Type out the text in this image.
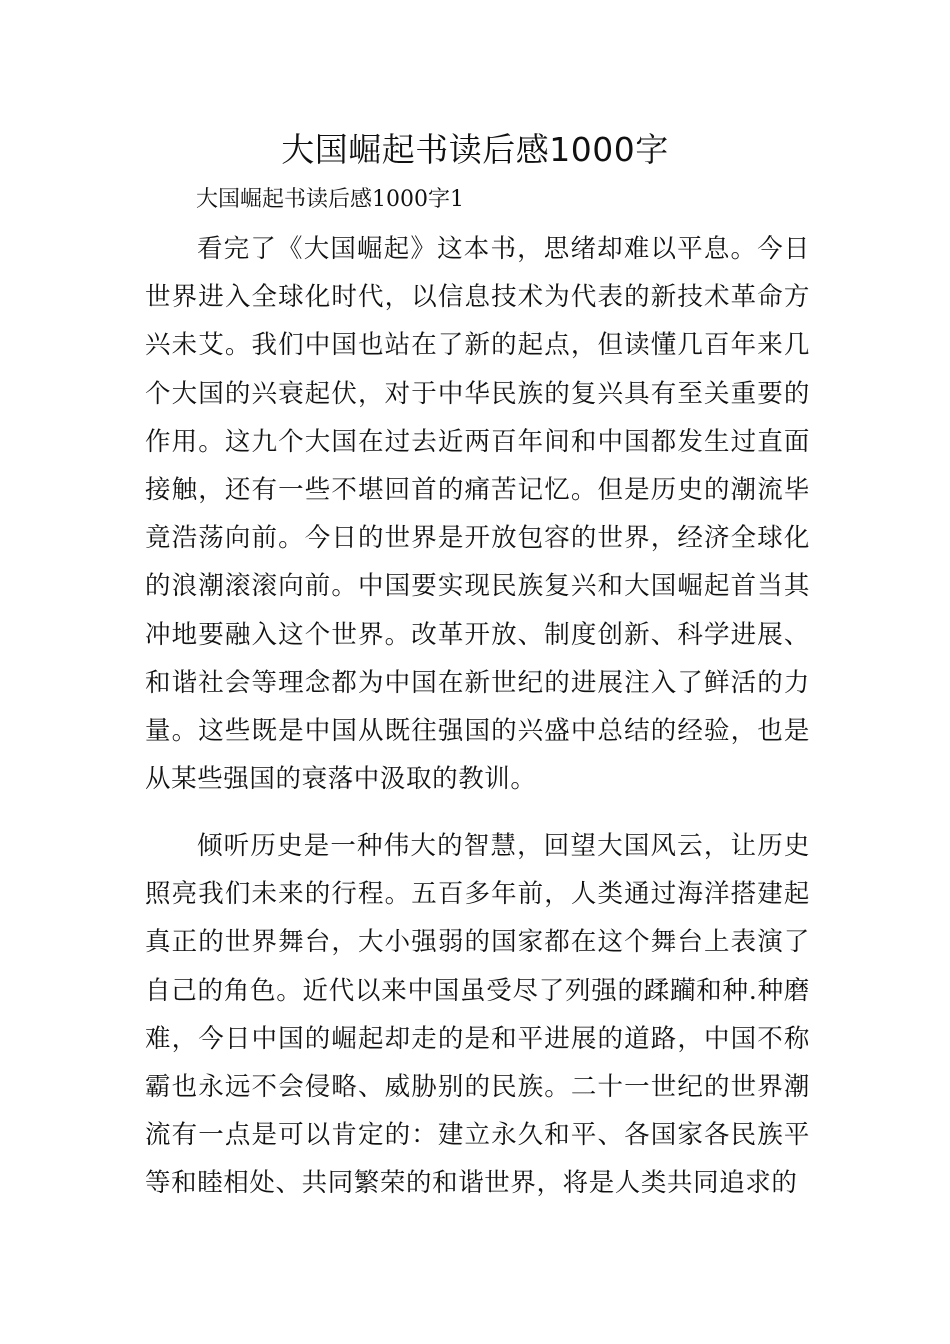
大国崛起书读后感1000字

大国崛起书读后感1000字1

看完了《大国崛起》这本书，思绪却难以平息。今日世界进入全球化时代，以信息技术为代表的新技术革命方兴未艾。我们中国也站在了新的起点，但读懂几百年来几个大国的兴衰起伏，对于中华民族的复兴具有至关重要的作用。这九个大国在过去近两百年间和中国都发生过直面接触，还有一些不堪回首的痛苦记忆。但是历史的潮流毕竟浩荡向前。今日的世界是开放包容的世界，经济全球化的浪潮滚滚向前。中国要实现民族复兴和大国崛起首当其冲地要融入这个世界。改革开放、制度创新、科学进展、和谐社会等理念都为中国在新世纪的进展注入了鲜活的力量。这些既是中国从既往强国的兴盛中总结的经验，也是从某些强国的衰落中汲取的教训。

倾听历史是一种伟大的智慧，回望大国风云，让历史照亮我们未来的行程。五百多年前，人类通过海洋搭建起真正的世界舞台，大小强弱的国家都在这个舞台上表演了自己的角色。近代以来中国虽受尽了列强的蹂躏和种.种磨难，今日中国的崛起却走的是和平进展的道路，中国不称霸也永远不会侵略、威胁别的民族。二十一世纪的世界潮流有一点是可以肯定的：建立永久和平、各国家各民族平等和睦相处、共同繁荣的和谐世界，将是人类共同追求的
